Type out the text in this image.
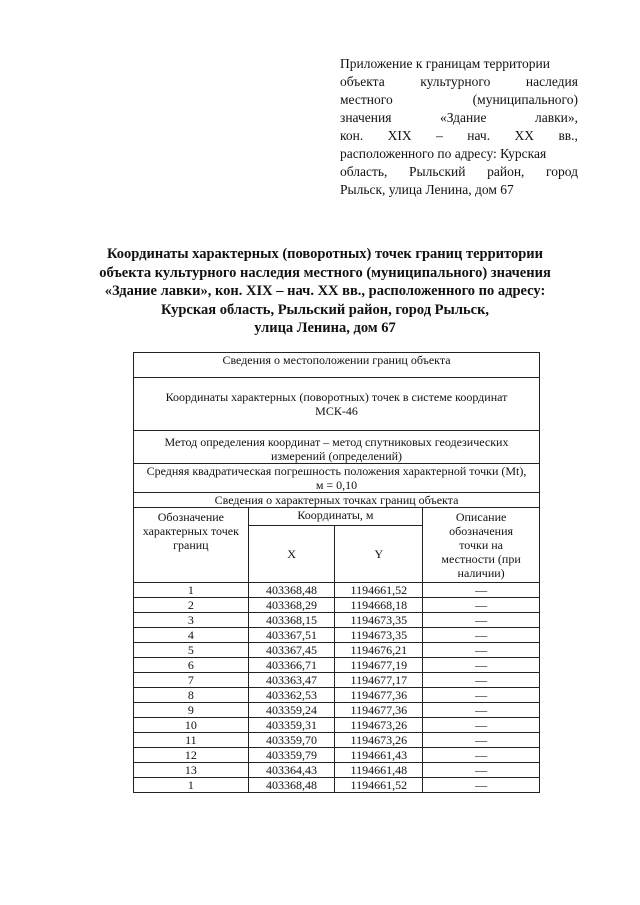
Приложение к границам территории
объекта	культурного	наследия
местного	(муниципального)
значения	«Здание	лавки»,
кон. XIX – нач. XX вв.,
расположенного по адресу: Курская
область, Рыльский район, город
Рыльск, улица Ленина, дом 67
Координаты характерных (поворотных) точек границ территории
объекта культурного наследия местного (муниципального) значения
«Здание лавки», кон. XIX – нач. XX вв., расположенного по адресу:
Курская область, Рыльский район, город Рыльск,
улица Ленина, дом 67
Сведения о местоположении границ объекта			
Координаты характерных (поворотных) точек в системе координат МСК-46			
Метод определения координат – метод спутниковых геодезических измерений (определений)			
Средняя квадратическая погрешность положения характерной точки (Mt), м = 0,10			
Сведения о характерных точках границ объекта			
Обозначение характерных точек границ	Координаты, м		Описание обозначения точки на местности (при наличии)
	X	Y	
1	403368,48	1194661,52	—
2	403368,29	1194668,18	—
3	403368,15	1194673,35	—
4	403367,51	1194673,35	—
5	403367,45	1194676,21	—
6	403366,71	1194677,19	—
7	403363,47	1194677,17	—
8	403362,53	1194677,36	—
9	403359,24	1194677,36	—
10	403359,31	1194673,26	—
11	403359,70	1194673,26	—
12	403359,79	1194661,43	—
13	403364,43	1194661,48	—
1	403368,48	1194661,52	—
